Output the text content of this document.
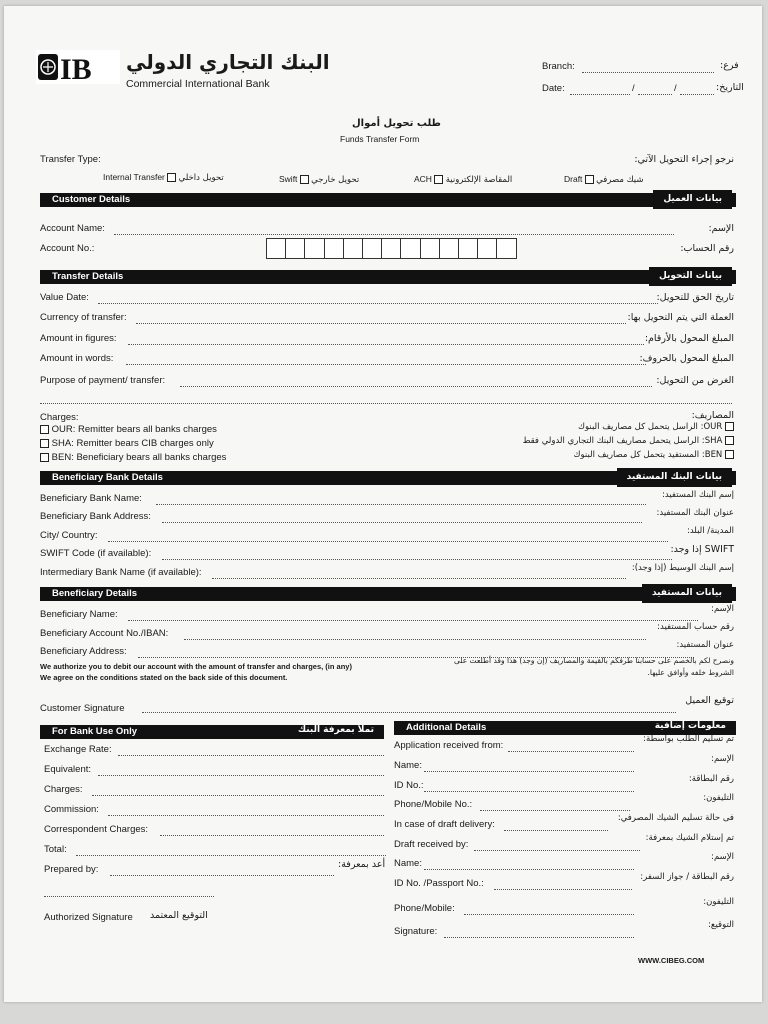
IB البنك التجاري الدولي
Commercial International Bank
Branch:	فرع:
Date:	/	/	التاريخ:
طلب تحويل أموال
Funds Transfer Form
Transfer Type:	نرجو إجراء التحويل الآتي:
Internal Transfer تحويل داخلي	Swift تحويل خارجي	ACH المقاصة الإلكترونية	Draft شيك مصرفي
Customer Details	بيانات العميل
Account Name:	الإسم:
Account No.:	رقم الحساب:
Transfer Details	بيانات التحويل
Value Date:	تاريخ الحق للتحويل:
Currency of transfer:	العملة التي يتم التحويل بها:
Amount in figures:	المبلغ المحول بالأرقام:
Amount in words:	المبلغ المحول بالحروف:
Purpose of payment/ transfer:	الغرض من التحويل:
Charges:	المصاريف:
OUR: Remitter bears all banks charges
SHA: Remitter bears CIB charges only
BEN: Beneficiary bears all banks charges
OUR: الراسل يتحمل كل مصاريف البنوك
SHA: الراسل يتحمل مصاريف البنك التجاري الدولي فقط
BEN: المستفيد يتحمل كل مصاريف البنوك
Beneficiary Bank Details	بيانات البنك المستفيد
Beneficiary Bank Name:	إسم البنك المستفيد:
Beneficiary Bank Address:	عنوان البنك المستفيد:
City/ Country:	المدينة/ البلد:
SWIFT Code (if available):	SWIFT إذا وجد:
Intermediary Bank Name (if available):	إسم البنك الوسيط (إذا وجد):
Beneficiary Details	بيانات المستفيد
Beneficiary Name:	الإسم:
Beneficiary Account No./IBAN:
رقم حساب المستفيد:
Beneficiary Address:
عنوان المستفيد:
We authorize you to debit our account with the amount of transfer and charges, (in any)
We agree on the conditions stated on the back side of this document.
ونصرح لكم بالخصم على حسابنا طرفكم بالقيمة والمصاريف (إن وجد) هذا وقد أطلعت على
الشروط خلفه وأوافق عليها.
Customer Signature
توقيع العميل
For Bank Use Only	تملأ بمعرفة البنك
Exchange Rate:
Equivalent:
Charges:
Commission:
Correspondent Charges:
Total:
Prepared by:	أعد بمعرفة:
Authorized Signature التوقيع المعتمد
Additional Details	معلومات إضافية
Application received from:
تم تسليم الطلب بواسطة:
Name:
الإسم:
ID No.:
رقم البطاقة:
Phone/Mobile No.:
التليفون:
In case of draft delivery:
فى حالة تسليم الشيك المصرفي:
Draft received by:
تم إستلام الشيك بمعرفة:
Name:
الإسم:
ID No. /Passport No.:
رقم البطاقة / جواز السفر:
Phone/Mobile:
التليفون:
Signature:
التوقيع:
WWW.CIBEG.COM
